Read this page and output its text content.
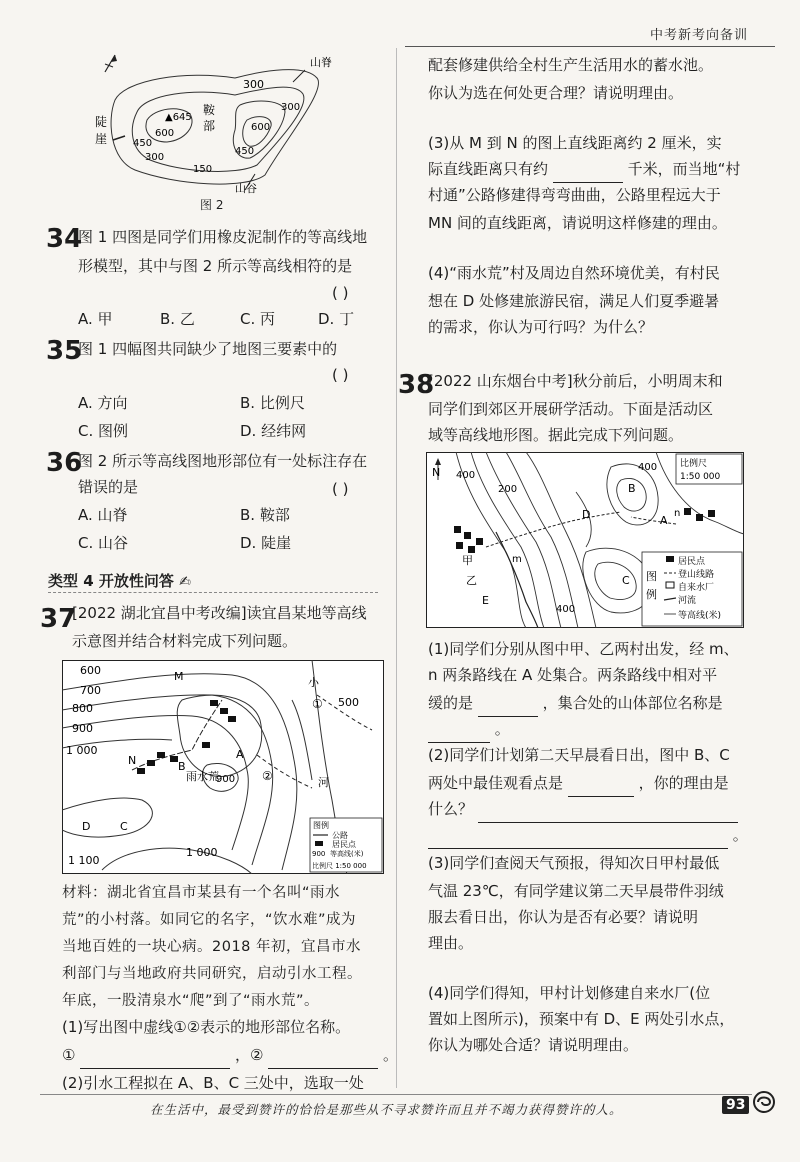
中考新考向备训
300
山脊
鞍
部
▲645
600
450
600
450
300
150
陡
崖
山谷
300
图 2
34
图 1 四图是同学们用橡皮泥制作的等高线地
形模型，其中与图 2 所示等高线相符的是
( )
A. 甲	B. 乙	C. 丙	D. 丁
35
图 1 四幅图共同缺少了地图三要素中的
( )
A. 方向	B. 比例尺
C. 图例	D. 经纬网
36
图 2 所示等高线图地形部位有一处标注存在
错误的是	( )
A. 山脊	B. 鞍部
C. 山谷	D. 陡崖
类型 4 开放性问答 ✍
37
[2022 湖北宜昌中考改编]读宜昌某地等高线
示意图并结合材料完成下列问题。
600
700
800
900
1 000
1 100
1 000
500
900
M
N	A
B
C
D
雨水荒
①
②
小
河
图例
公路
居民点
900 等高线(米)
比例尺 1:50 000
材料：湖北省宜昌市某县有一个名叫“雨水
荒”的小村落。如同它的名字，“饮水难”成为
当地百姓的一块心病。2018 年初，宜昌市水
利部门与当地政府共同研究，启动引水工程。
年底，一股清泉水“爬”到了“雨水荒”。
(1)写出图中虚线①②表示的地形部位名称。
①	，②	。
(2)引水工程拟在 A、B、C 三处中，选取一处
配套修建供给全村生产生活用水的蓄水池。
你认为选在何处更合理？请说明理由。
(3)从 M 到 N 的图上直线距离约 2 厘米，实
际直线距离只有约	千米，而当地“村
村通”公路修建得弯弯曲曲，公路里程远大于
MN 间的直线距离，请说明这样修建的理由。
(4)“雨水荒”村及周边自然环境优美，有村民
想在 D 处修建旅游民宿，满足人们夏季避暑
的需求，你认为可行吗？为什么？
38
[2022 山东烟台中考]秋分前后，小明周末和
同学们到郊区开展研学活动。下面是活动区
域等高线地形图。据此完成下列问题。
比例尺
1:50 000
图
例
居民点
登山线路
自来水厂
河流
等高线(米)
N 400
200
400
400
B
D	A
C
E
m
n
甲
乙
(1)同学们分别从图中甲、乙两村出发，经 m、
n 两条路线在 A 处集合。两条路线中相对平
缓的是	，集合处的山体部位名称是
。
(2)同学们计划第二天早晨看日出，图中 B、C
两处中最佳观看点是	，你的理由是
什么？
。
(3)同学们查阅天气预报，得知次日甲村最低
气温 23℃，有同学建议第二天早晨带件羽绒
服去看日出，你认为是否有必要？请说明
理由。
(4)同学们得知，甲村计划修建自来水厂(位
置如上图所示)，预案中有 D、E 两处引水点，
你认为哪处合适？请说明理由。
在生活中，最受到赞许的恰恰是那些从不寻求赞许而且并不竭力获得赞许的人。	93
